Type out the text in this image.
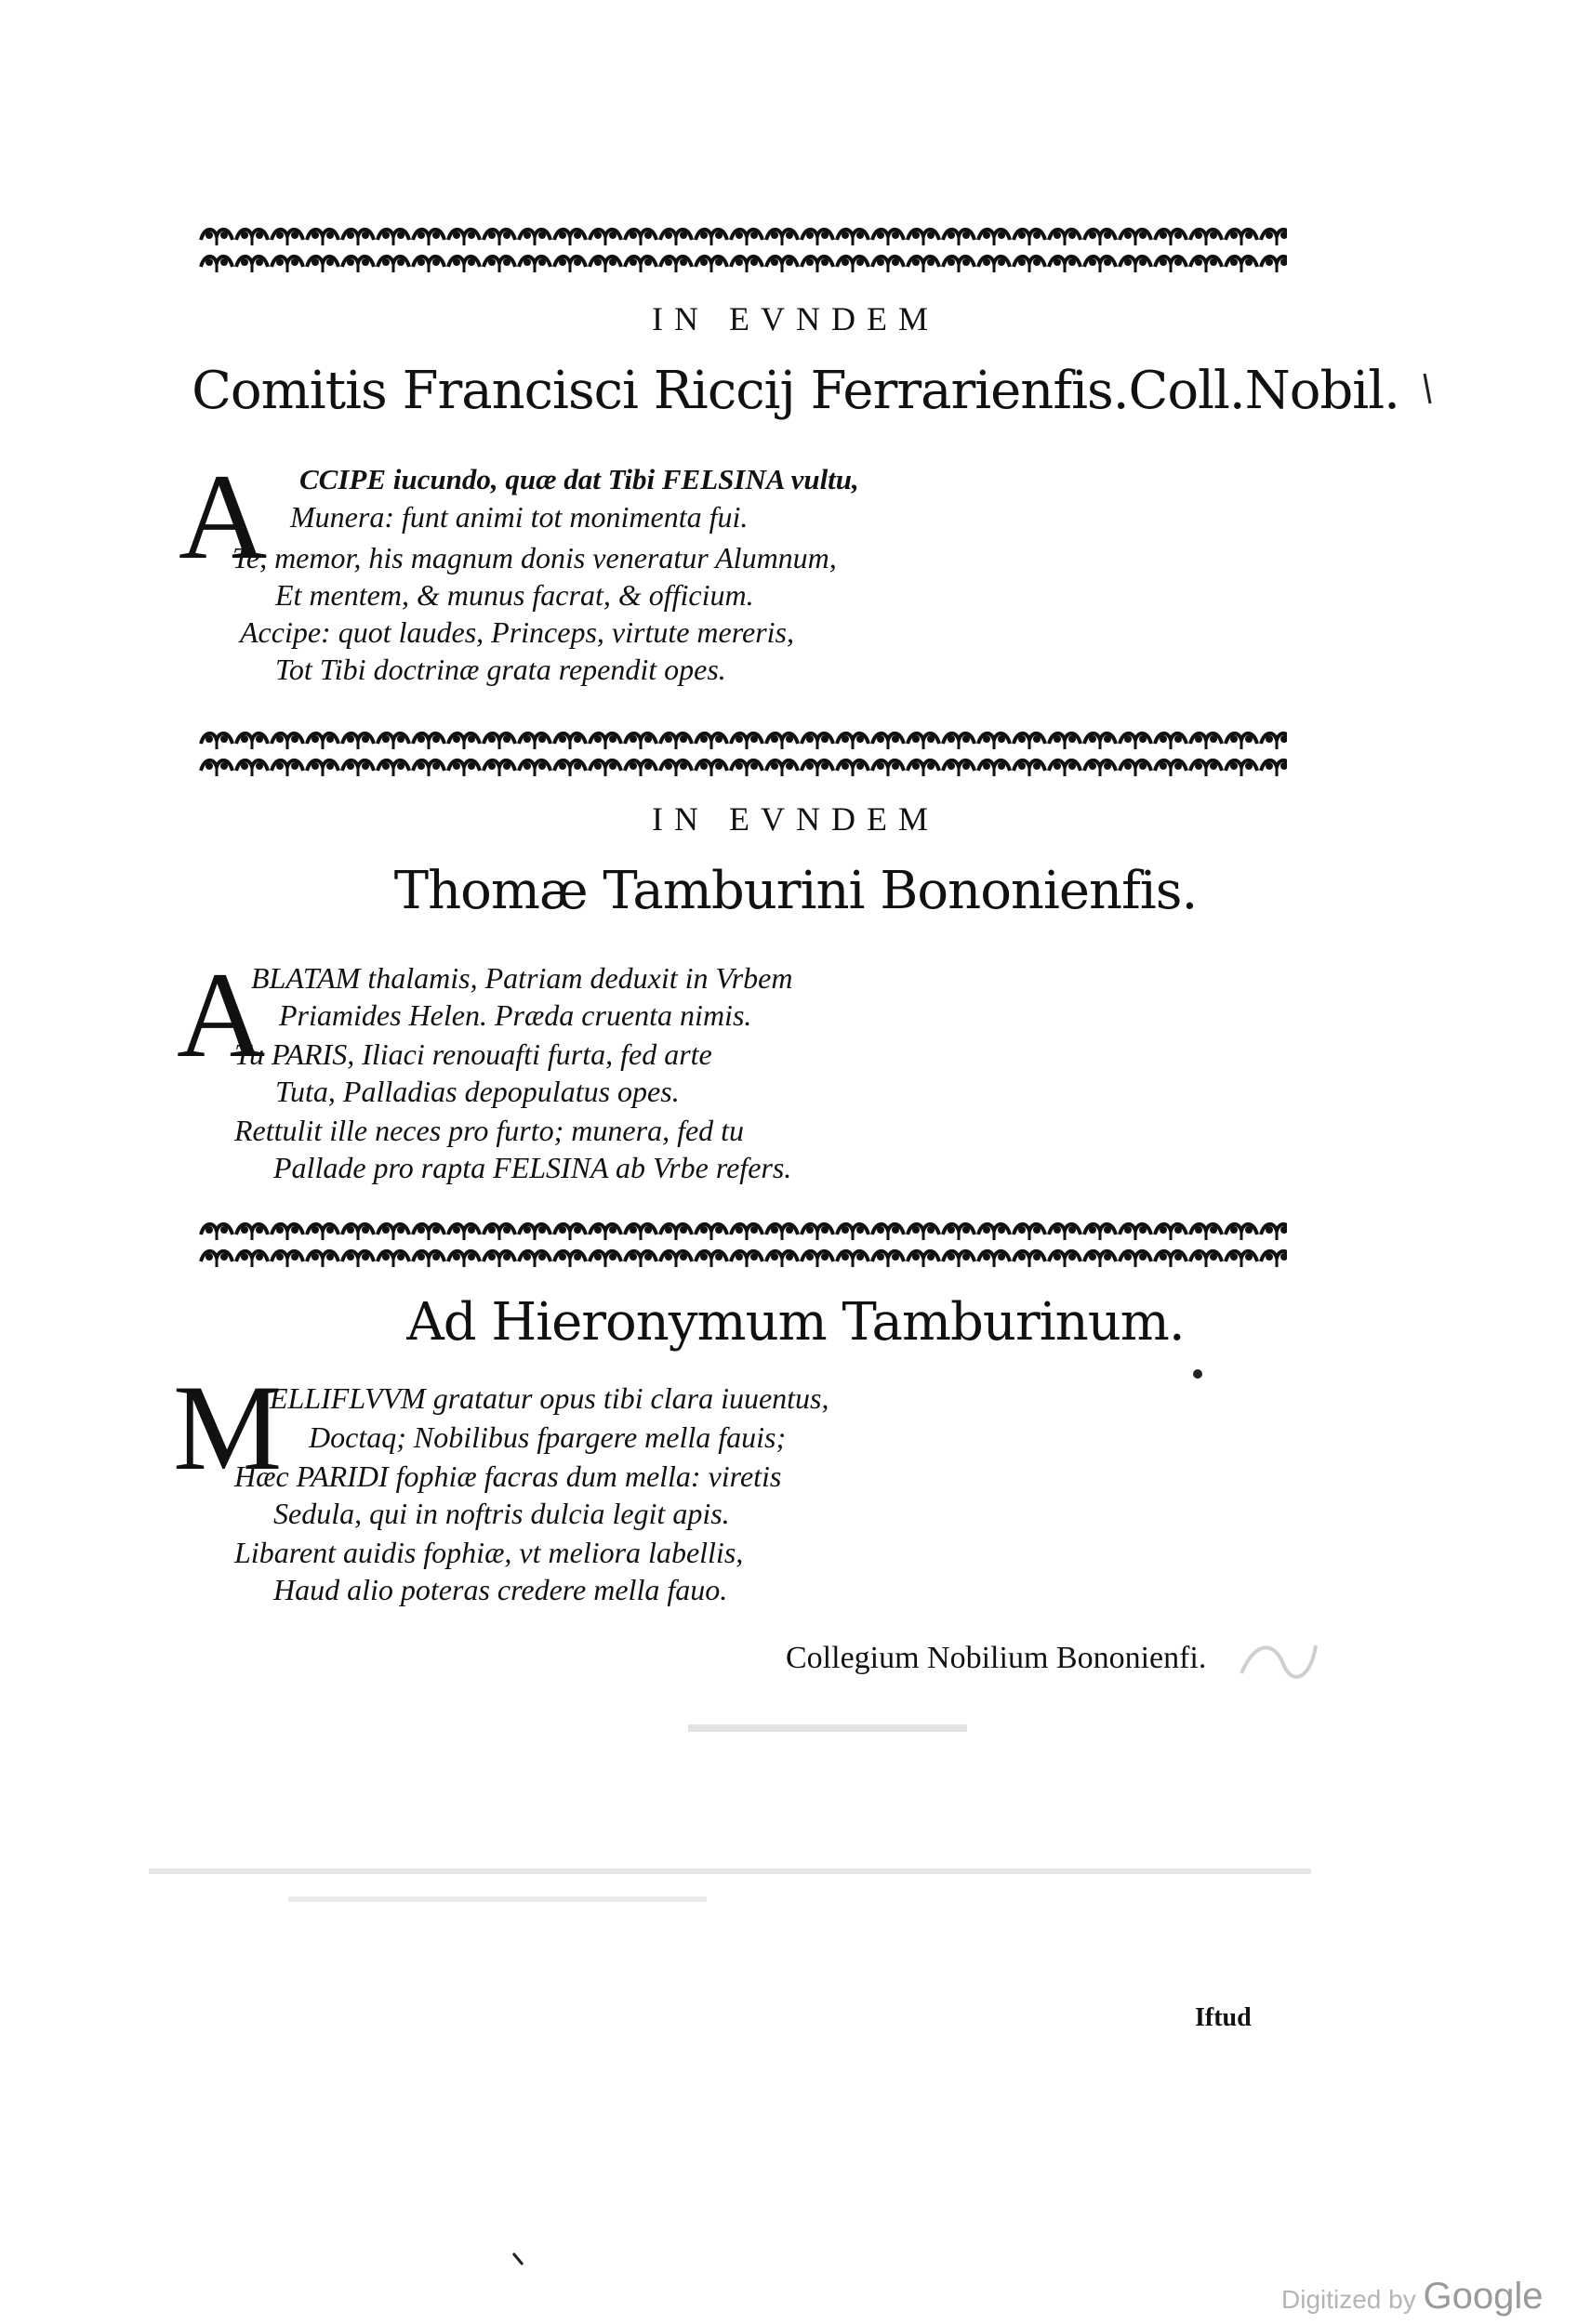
IN EVNDEM
Comitis Francisci Riccij Ferrarienfis.Coll.Nobil.
A CCIPE iucundo, quæ dat Tibi FELSINA vultu,
Munera: funt animi tot monimenta fui.
Te, memor, his magnum donis veneratur Alumnum,
Et mentem, & munus facrat, & officium.
Accipe: quot laudes, Princeps, virtute mereris,
Tot Tibi doctrinæ grata rependit opes.
IN EVNDEM
Thomæ Tamburini Bononienfis.
A
BLATAM thalamis, Patriam deduxit in Vrbem
Priamides Helen. Præda cruenta nimis.
Tu PARIS, Iliaci renouafti furta, fed arte
Tuta, Palladias depopulatus opes.
Rettulit ille neces pro furto; munera, fed tu
Pallade pro rapta FELSINA ab Vrbe refers.
Ad Hieronymum Tamburinum.
M
ELLIFLVVM gratatur opus tibi clara iuuentus,
Doctaq; Nobilibus fpargere mella fauis;
Hæc PARIDI fophiæ facras dum mella: viretis
Sedula, qui in noftris dulcia legit apis.
Libarent auidis fophiæ, vt meliora labellis,
Haud alio poteras credere mella fauo.
Collegium Nobilium Bononienfi.
Iftud
Digitized by Google
